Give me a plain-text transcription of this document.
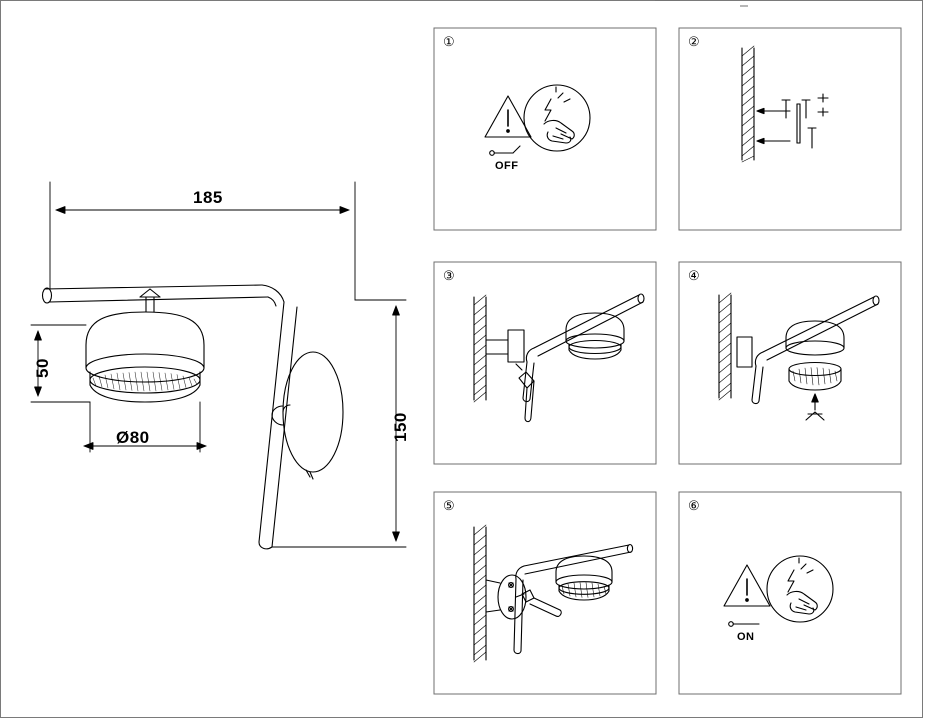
185
50
Ø80	150
①	②
③	④
⑤	⑥
OFF
ON
